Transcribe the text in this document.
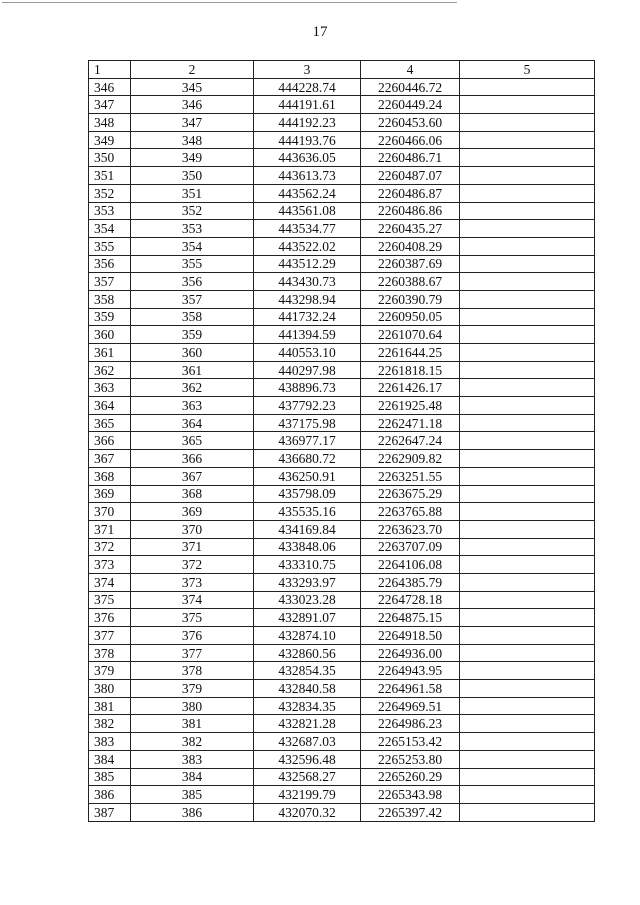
17
1	2	3	4	5
346	345	444228.74	2260446.72	
347	346	444191.61	2260449.24	
348	347	444192.23	2260453.60	
349	348	444193.76	2260466.06	
350	349	443636.05	2260486.71	
351	350	443613.73	2260487.07	
352	351	443562.24	2260486.87	
353	352	443561.08	2260486.86	
354	353	443534.77	2260435.27	
355	354	443522.02	2260408.29	
356	355	443512.29	2260387.69	
357	356	443430.73	2260388.67	
358	357	443298.94	2260390.79	
359	358	441732.24	2260950.05	
360	359	441394.59	2261070.64	
361	360	440553.10	2261644.25	
362	361	440297.98	2261818.15	
363	362	438896.73	2261426.17	
364	363	437792.23	2261925.48	
365	364	437175.98	2262471.18	
366	365	436977.17	2262647.24	
367	366	436680.72	2262909.82	
368	367	436250.91	2263251.55	
369	368	435798.09	2263675.29	
370	369	435535.16	2263765.88	
371	370	434169.84	2263623.70	
372	371	433848.06	2263707.09	
373	372	433310.75	2264106.08	
374	373	433293.97	2264385.79	
375	374	433023.28	2264728.18	
376	375	432891.07	2264875.15	
377	376	432874.10	2264918.50	
378	377	432860.56	2264936.00	
379	378	432854.35	2264943.95	
380	379	432840.58	2264961.58	
381	380	432834.35	2264969.51	
382	381	432821.28	2264986.23	
383	382	432687.03	2265153.42	
384	383	432596.48	2265253.80	
385	384	432568.27	2265260.29	
386	385	432199.79	2265343.98	
387	386	432070.32	2265397.42	
